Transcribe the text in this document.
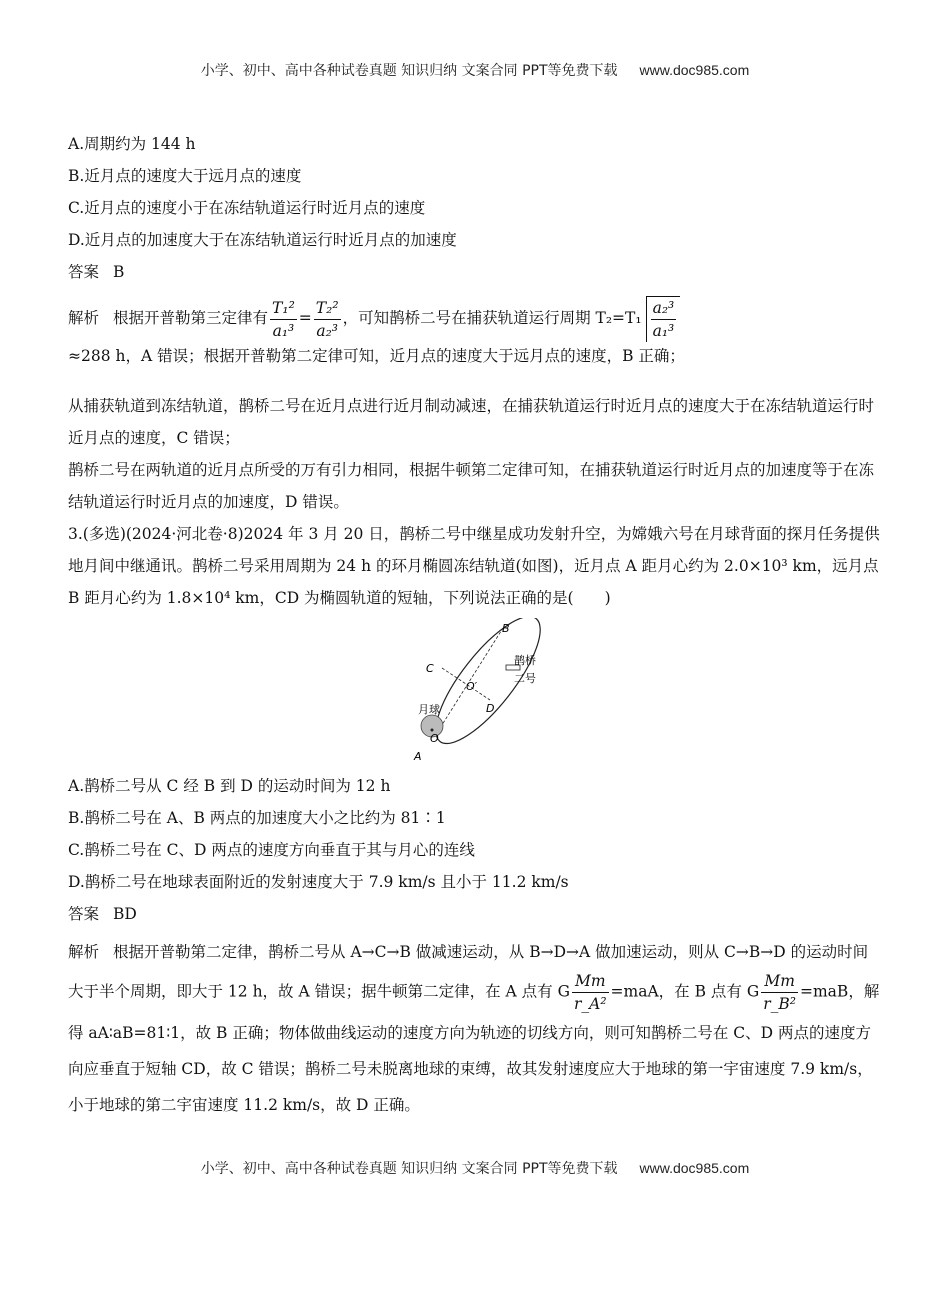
小学、初中、高中各种试卷真题 知识归纳 文案合同 PPT等免费下载 www.doc985.com
A.周期约为 144 h
B.近月点的速度大于远月点的速度
C.近月点的速度小于在冻结轨道运行时近月点的速度
D.近月点的加速度大于在冻结轨道运行时近月点的加速度
答案 B
解析 根据开普勒第三定律有 $\frac{\text{T₁²}}{\text{a₁³}} = \frac{\text{T₂²}}{\text{a₂³}}$ ，可知鹊桥二号在捕获轨道运行周期 $T_2=T_1 \frac{\text{a₂³}}{\text{a₁³}}$
≈288 h，A 错误；根据开普勒第二定律可知，近月点的速度大于远月点的速度，B 正确；
从捕获轨道到冻结轨道，鹊桥二号在近月点进行近月制动减速，在捕获轨道运行时近月点的速度大于在冻结轨道运行时近月点的速度，C 错误；
鹊桥二号在两轨道的近月点所受的万有引力相同，根据牛顿第二定律可知，在捕获轨道运行时近月点的加速度等于在冻结轨道运行时近月点的加速度，D 错误。
3.(多选)(2024·河北卷·8)2024 年 3 月 20 日，鹊桥二号中继星成功发射升空，为嫦娥六号在月球背面的探月任务提供地月间中继通讯。鹊桥二号采用周期为 24 h 的环月椭圆冻结轨道(如图)，近月点 A 距月心约为 2.0×10³ km，远月点 B 距月心约为 1.8×10⁴ km，CD 为椭圆轨道的短轴，下列说法正确的是(　　)
B
C
O′
D
月球
O
A
鹊桥
二号
A.鹊桥二号从 C 经 B 到 D 的运动时间为 12 h
B.鹊桥二号在 A、B 两点的加速度大小之比约为 81∶1
C.鹊桥二号在 C、D 两点的速度方向垂直于其与月心的连线
D.鹊桥二号在地球表面附近的发射速度大于 7.9 km/s 且小于 11.2 km/s
答案 BD
解析 根据开普勒第二定律，鹊桥二号从 A→C→B 做减速运动，从 B→D→A 做加速运动，则从 C→B→D 的运动时间大于半个周期，即大于 12 h，故 A 错误；据牛顿第二定律，在 A 点有 G $\frac{Mm}{\text{r\_A²}} =maA$，在 B 点有 G $\frac{Mm}{\text{r\_B²}} =maB$，解得 aA∶aB=81∶1，故 B 正确；物体做曲线运动的速度方向为轨迹的切线方向，则可知鹊桥二号在 C、D 两点的速度方向应垂直于短轴 CD，故 C 错误；鹊桥二号未脱离地球的束缚，故其发射速度应大于地球的第一宇宙速度 7.9 km/s，小于地球的第二宇宙速度 11.2 km/s，故 D 正确。
小学、初中、高中各种试卷真题 知识归纳 文案合同 PPT等免费下载 www.doc985.com
